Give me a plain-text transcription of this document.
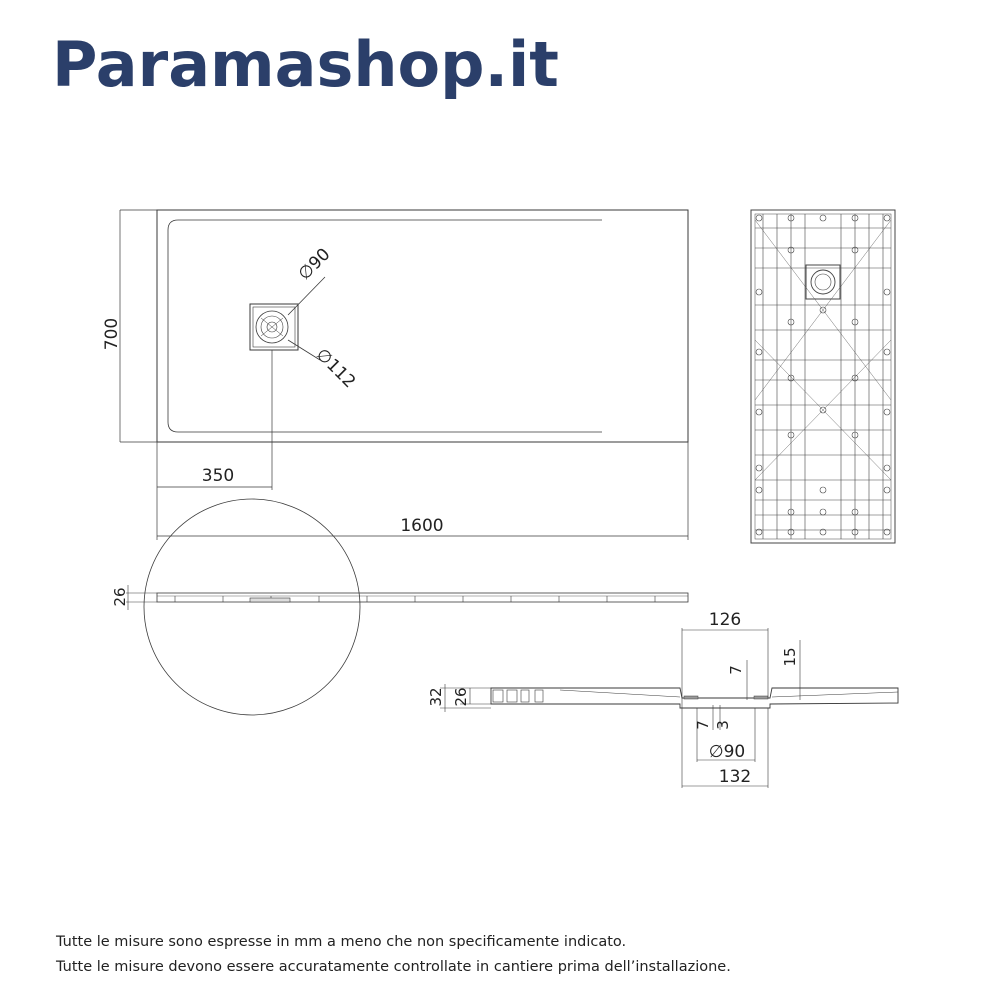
Paramashop.it
700
350
1600
∅90
∅112
26
32 26
126
7
15
7 3
∅90
132
Tutte le misure sono espresse in mm a meno che non specificamente indicato.
Tutte le misure devono essere accuratamente controllate in cantiere prima dell’installazione.
